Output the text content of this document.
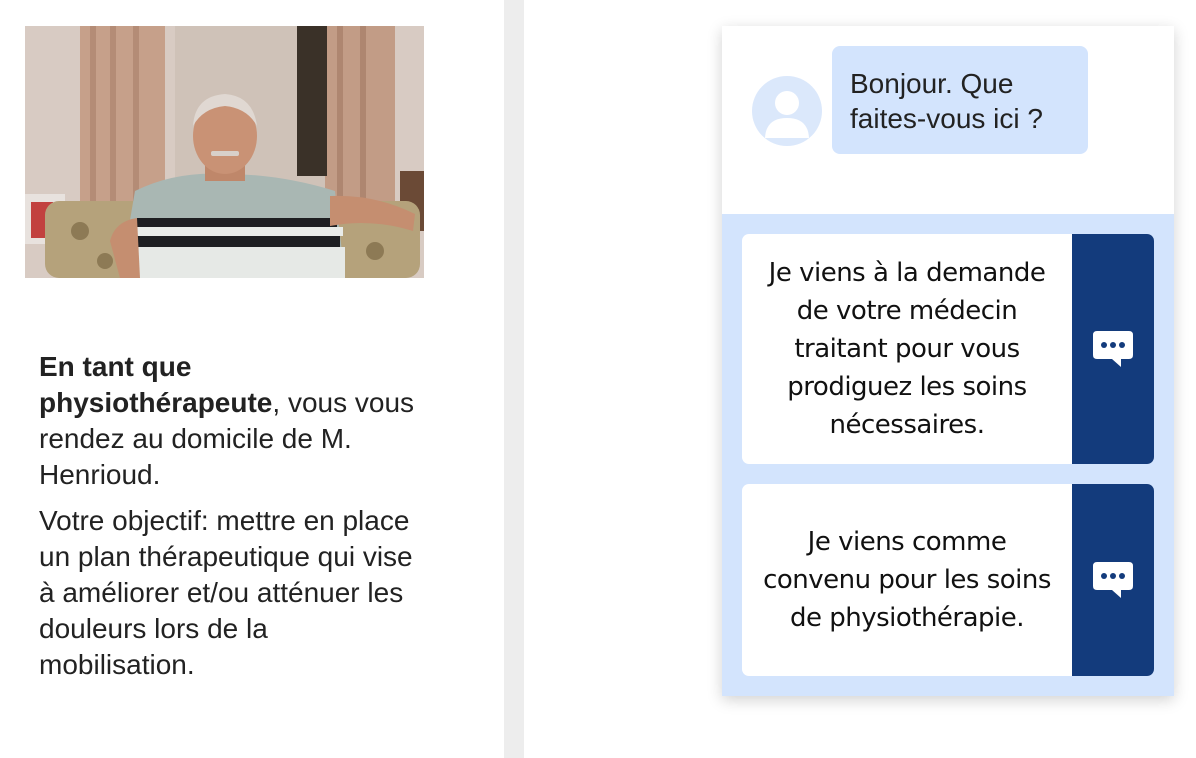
En tant que physiothérapeute, vous vous rendez au domicile de M. Henrioud.

Votre objectif: mettre en place un plan thérapeutique qui vise à améliorer et/ou atténuer les douleurs lors de la mobilisation.

Bonjour. Que faites-vous ici ?
Je viens à la demande de votre médecin traitant pour vous prodiguez les soins nécessaires.
Je viens comme convenu pour les soins de physiothérapie.
